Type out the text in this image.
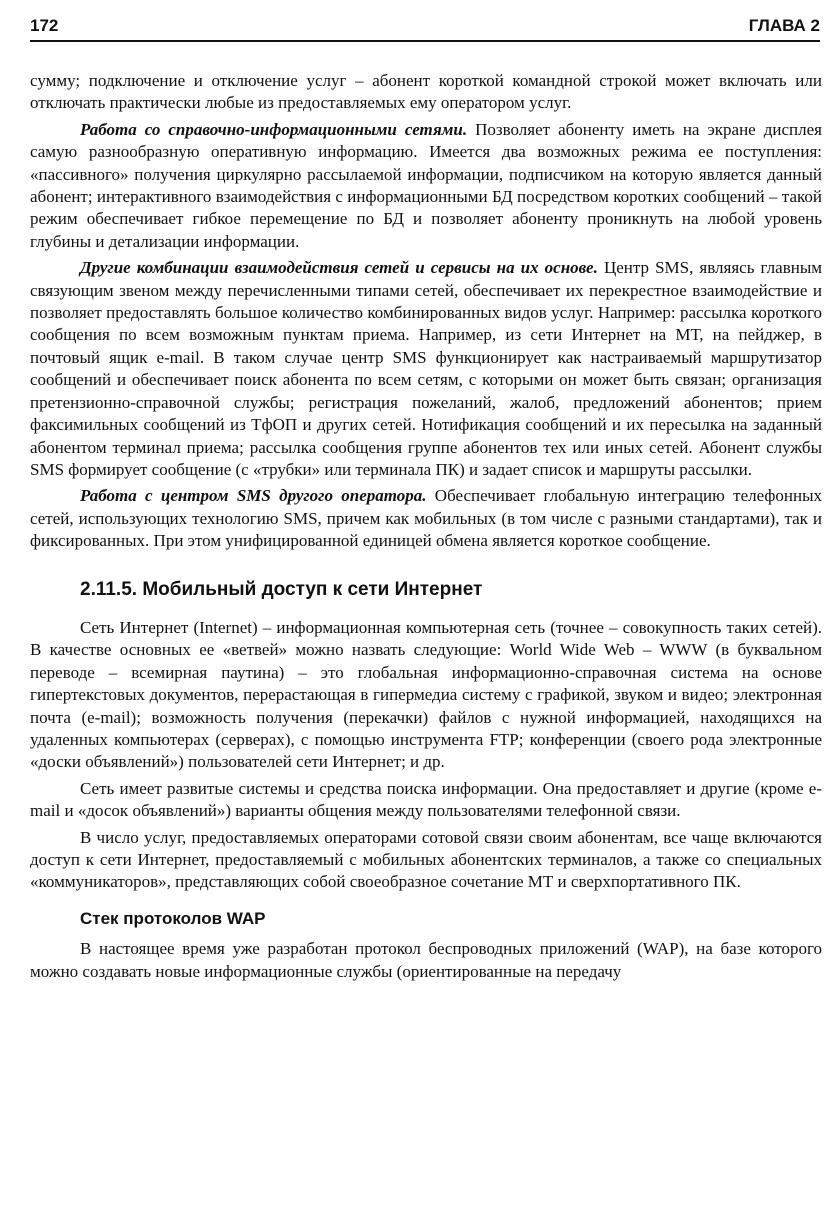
172	ГЛАВА 2

сумму; подключение и отключение услуг – абонент короткой командной строкой может включать или отключать практически любые из предоставляемых ему оператором услуг.

Работа со справочно-информационными сетями. Позволяет абоненту иметь на экране дисплея самую разнообразную оперативную информацию. Имеется два возможных режима ее поступления: «пассивного» получения циркулярно рассылаемой информации, подписчиком на которую является данный абонент; интерактивного взаимодействия с информационными БД посредством коротких сообщений – такой режим обеспечивает гибкое перемещение по БД и позволяет абоненту проникнуть на любой уровень глубины и детализации информации.

Другие комбинации взаимодействия сетей и сервисы на их основе. Центр SMS, являясь главным связующим звеном между перечисленными типами сетей, обеспечивает их перекрестное взаимодействие и позволяет предоставлять большое количество комбинированных видов услуг. Например: рассылка короткого сообщения по всем возможным пунктам приема. Например, из сети Интернет на МТ, на пейджер, в почтовый ящик e-mail. В таком случае центр SMS функционирует как настраиваемый маршрутизатор сообщений и обеспечивает поиск абонента по всем сетям, с которыми он может быть связан; организация претензионно-справочной службы; регистрация пожеланий, жалоб, предложений абонентов; прием факсимильных сообщений из ТфОП и других сетей. Нотификация сообщений и их пересылка на заданный абонентом терминал приема; рассылка сообщения группе абонентов тех или иных сетей. Абонент службы SMS формирует сообщение (с «трубки» или терминала ПК) и задает список и маршруты рассылки.

Работа с центром SMS другого оператора. Обеспечивает глобальную интеграцию телефонных сетей, использующих технологию SMS, причем как мобильных (в том числе с разными стандартами), так и фиксированных. При этом унифицированной единицей обмена является короткое сообщение.

2.11.5. Мобильный доступ к сети Интернет

Сеть Интернет (Internet) – информационная компьютерная сеть (точнее – совокупность таких сетей). В качестве основных ее «ветвей» можно назвать следующие: World Wide Web – WWW (в буквальном переводе – всемирная паутина) – это глобальная информационно-справочная система на основе гипертекстовых документов, перерастающая в гипермедиа систему с графикой, звуком и видео; электронная почта (e-mail); возможность получения (перекачки) файлов с нужной информацией, находящихся на удаленных компьютерах (серверах), с помощью инструмента FTP; конференции (своего рода электронные «доски объявлений») пользователей сети Интернет; и др.

Сеть имеет развитые системы и средства поиска информации. Она предоставляет и другие (кроме e-mail и «досок объявлений») варианты общения между пользователями телефонной связи.

В число услуг, предоставляемых операторами сотовой связи своим абонентам, все чаще включаются доступ к сети Интернет, предоставляемый с мобильных абонентских терминалов, а также со специальных «коммуникаторов», представляющих собой своеобразное сочетание МТ и сверхпортативного ПК.

Стек протоколов WAP

В настоящее время уже разработан протокол беспроводных приложений (WAP), на базе которого можно создавать новые информационные службы (ориентированные на передачу
